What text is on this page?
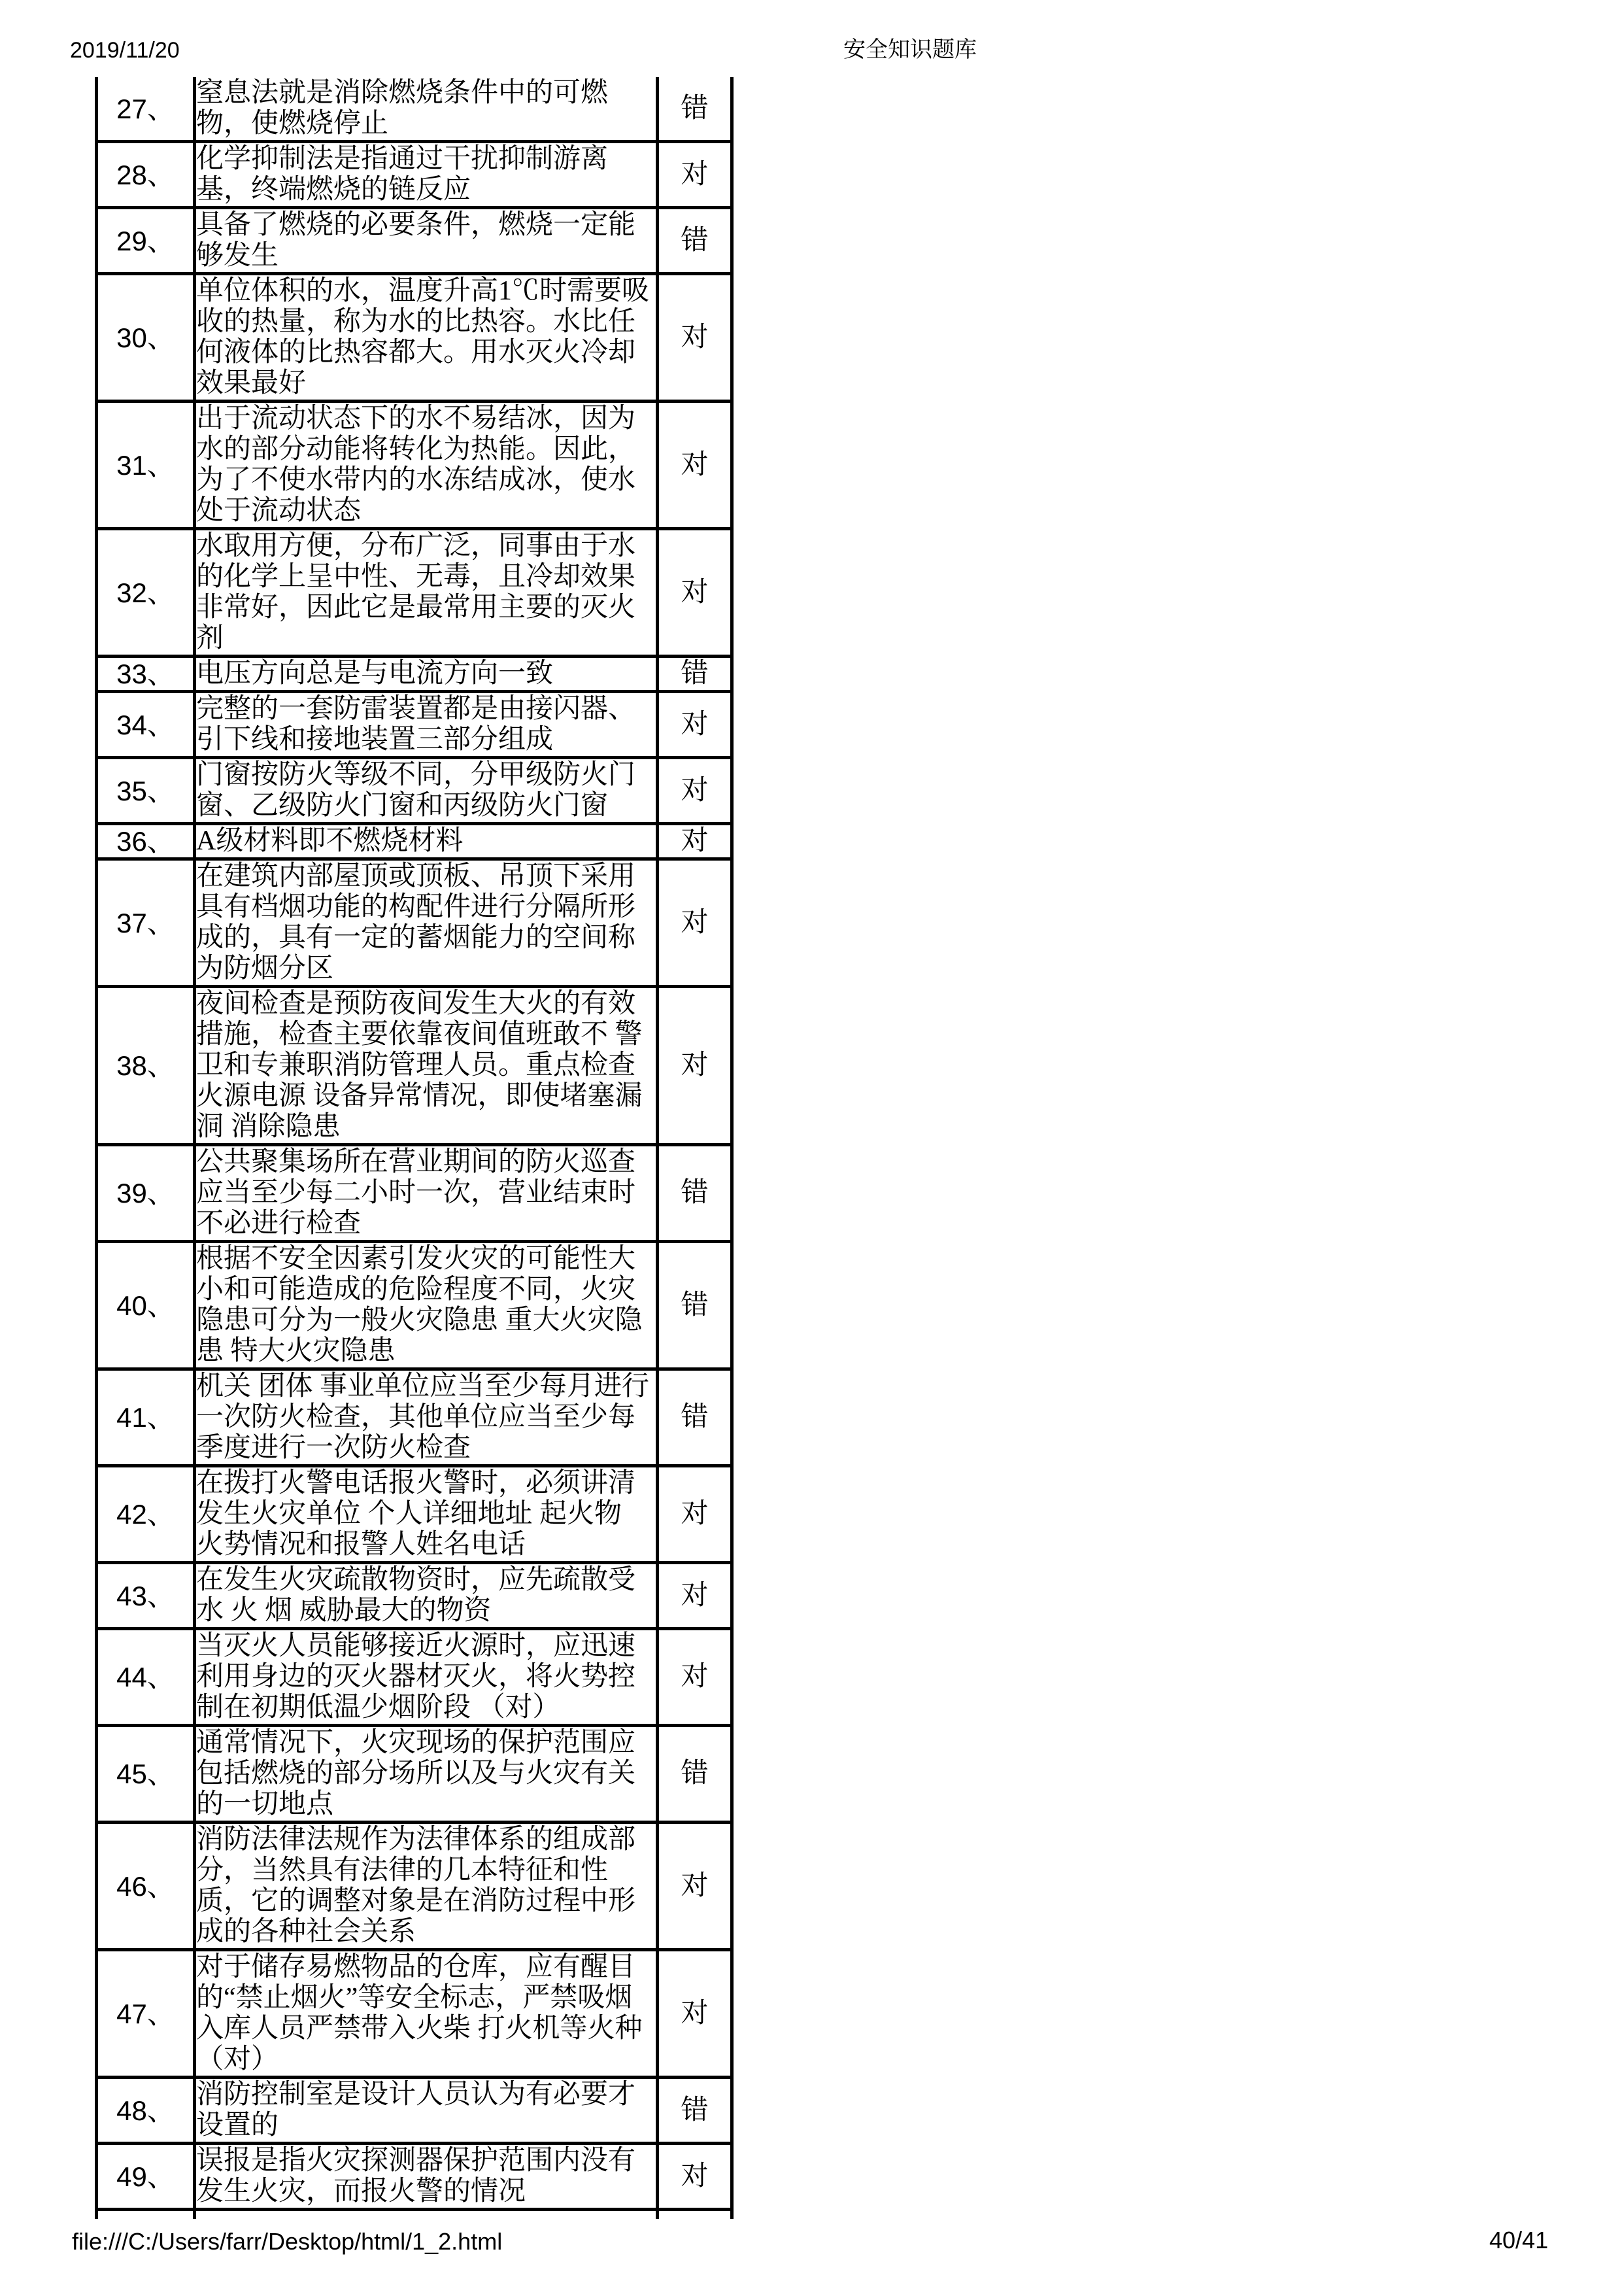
2019/11/20	安全知识题库
27、	窒息法就是消除燃烧条件中的可燃物，使燃烧停止	错
28、	化学抑制法是指通过干扰抑制游离基，终端燃烧的链反应	对
29、	具备了燃烧的必要条件，燃烧一定能够发生	错
30、	单位体积的水，温度升高1℃时需要吸收的热量，称为水的比热容。水比任何液体的比热容都大。用水灭火冷却效果最好	对
31、	出于流动状态下的水不易结冰，因为水的部分动能将转化为热能。因此，为了不使水带内的水冻结成冰，使水处于流动状态	对
32、	水取用方便，分布广泛，同事由于水的化学上呈中性、无毒，且冷却效果非常好，因此它是最常用主要的灭火剂	对
33、	电压方向总是与电流方向一致	错
34、	完整的一套防雷装置都是由接闪器、引下线和接地装置三部分组成	对
35、	门窗按防火等级不同，分甲级防火门窗、乙级防火门窗和丙级防火门窗	对
36、	A级材料即不燃烧材料	对
37、	在建筑内部屋顶或顶板、吊顶下采用具有档烟功能的构配件进行分隔所形成的，具有一定的蓄烟能力的空间称为防烟分区	对
38、	夜间检查是预防夜间发生大火的有效措施，检查主要依靠夜间值班敢不 警卫和专兼职消防管理人员。重点检查火源电源 设备异常情况，即使堵塞漏洞 消除隐患	对
39、	公共聚集场所在营业期间的防火巡查应当至少每二小时一次，营业结束时不必进行检查	错
40、	根据不安全因素引发火灾的可能性大小和可能造成的危险程度不同，火灾隐患可分为一般火灾隐患 重大火灾隐患 特大火灾隐患	错
41、	机关 团体 事业单位应当至少每月进行一次防火检查，其他单位应当至少每季度进行一次防火检查	错
42、	在拨打火警电话报火警时，必须讲清发生火灾单位 个人详细地址 起火物 火势情况和报警人姓名电话	对
43、	在发生火灾疏散物资时，应先疏散受水 火 烟 威胁最大的物资	对
44、	当灭火人员能够接近火源时，应迅速利用身边的灭火器材灭火，将火势控制在初期低温少烟阶段 （对）	对
45、	通常情况下，火灾现场的保护范围应包括燃烧的部分场所以及与火灾有关的一切地点	错
46、	消防法律法规作为法律体系的组成部分，当然具有法律的几本特征和性质，它的调整对象是在消防过程中形成的各种社会关系	对
47、	对于储存易燃物品的仓库，应有醒目的“禁止烟火”等安全标志，严禁吸烟 入库人员严禁带入火柴 打火机等火种 （对）	对
48、	消防控制室是设计人员认为有必要才设置的	错
49、	误报是指火灾探测器保护范围内没有发生火灾，而报火警的情况	对

file:///C:/Users/farr/Desktop/html/1_2.html	40/41
